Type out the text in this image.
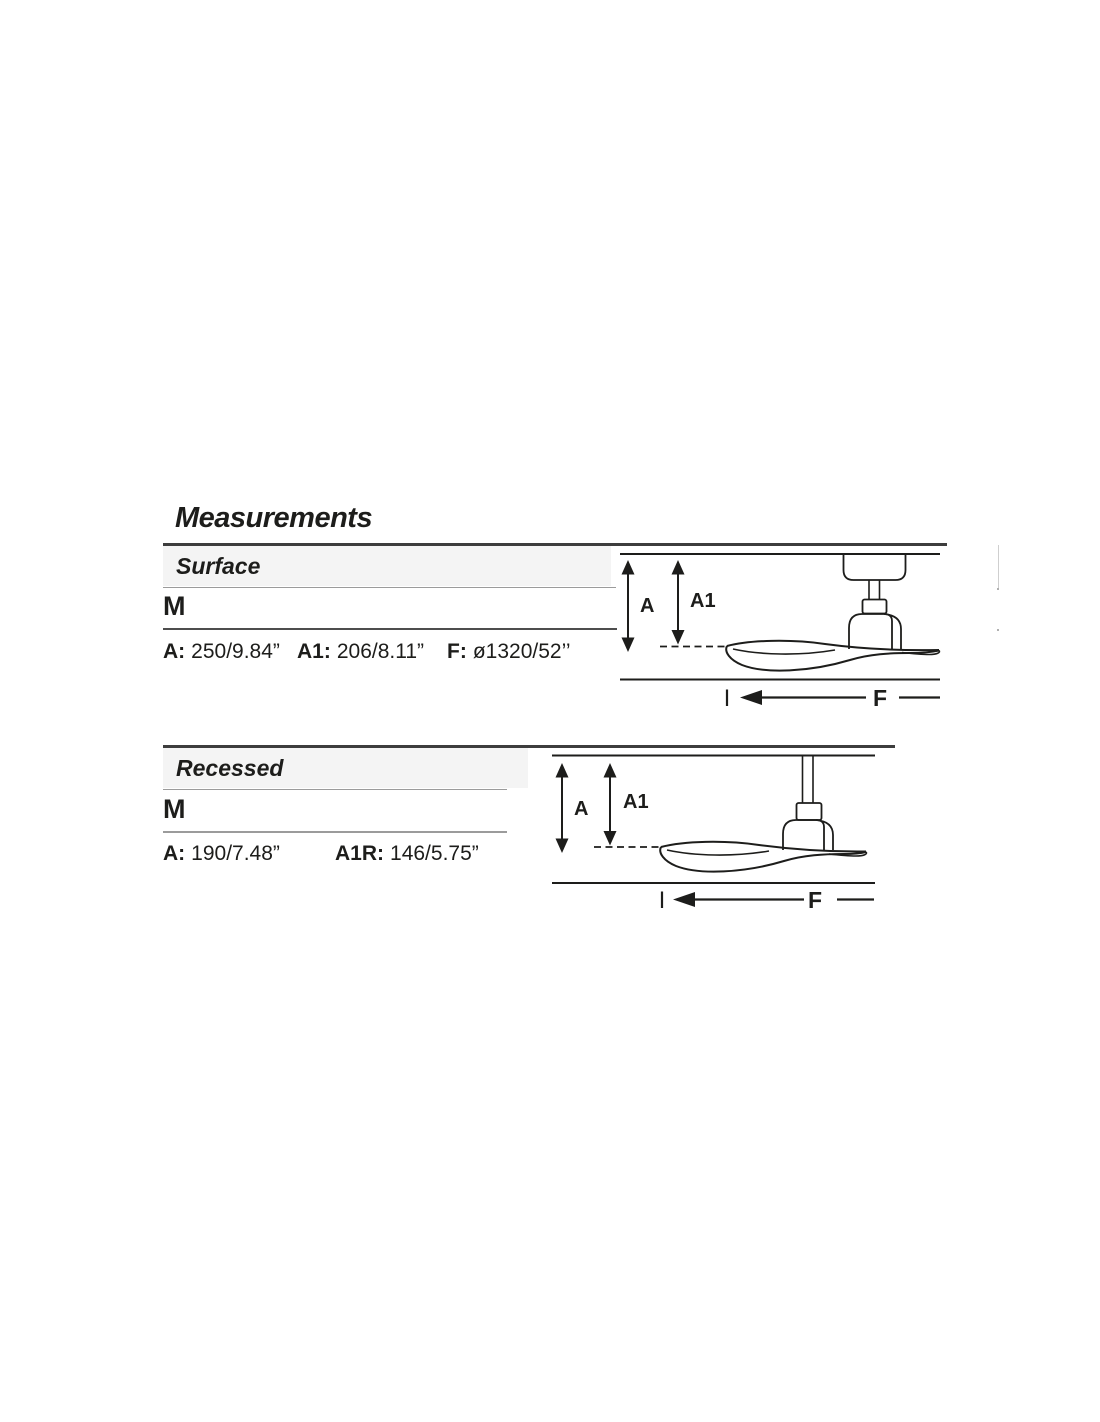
Measurements
Surface
M
A: 250/9.84” A1: 206/8.11” F: ø1320/52’’
A A1
F
Recessed
M
A: 190/7.48”	A1R: 146/5.75”
A A1
F
